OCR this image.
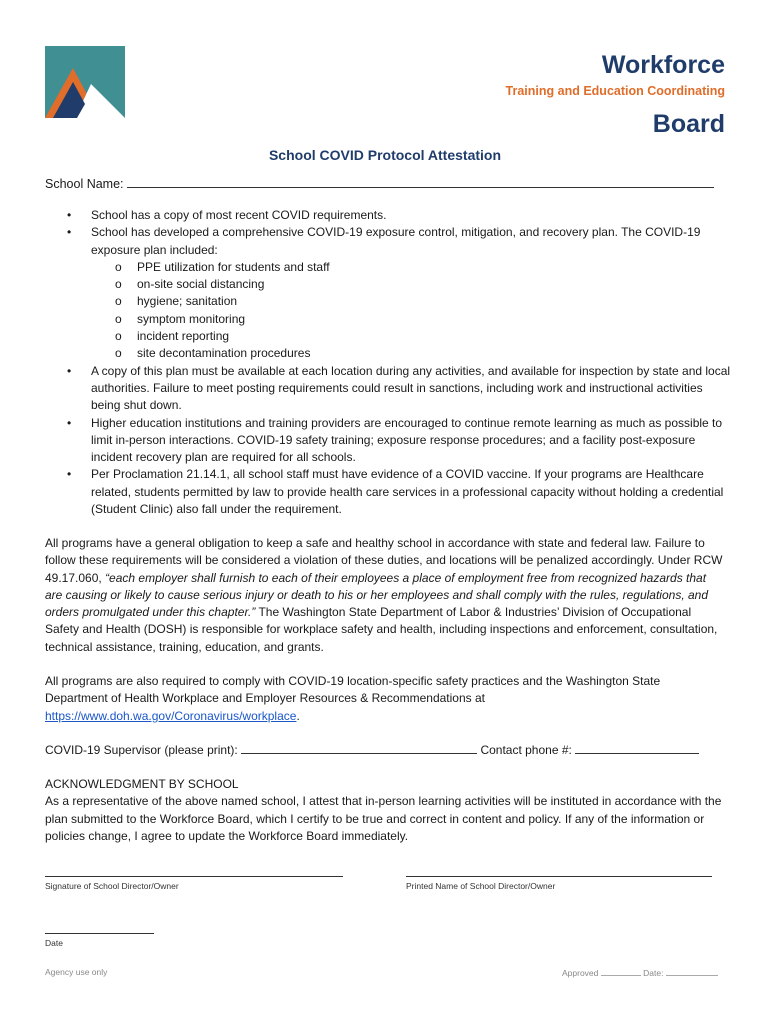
Workforce
Training and Education Coordinating
Board
School COVID Protocol Attestation
School Name:
• School has a copy of most recent COVID requirements.
• School has developed a comprehensive COVID-19 exposure control, mitigation, and recovery plan. The COVID-19 exposure plan included:
o PPE utilization for students and staff
o on-site social distancing
o hygiene; sanitation
o symptom monitoring
o incident reporting
o site decontamination procedures
• A copy of this plan must be available at each location during any activities, and available for inspection by state and local authorities. Failure to meet posting requirements could result in sanctions, including work and instructional activities being shut down.
• Higher education institutions and training providers are encouraged to continue remote learning as much as possible to limit in-person interactions. COVID-19 safety training; exposure response procedures; and a facility post-exposure incident recovery plan are required for all schools.
• Per Proclamation 21.14.1, all school staff must have evidence of a COVID vaccine. If your programs are Healthcare related, students permitted by law to provide health care services in a professional capacity without holding a credential (Student Clinic) also fall under the requirement.
All programs have a general obligation to keep a safe and healthy school in accordance with state and federal law. Failure to follow these requirements will be considered a violation of these duties, and locations will be penalized accordingly. Under RCW 49.17.060, “each employer shall furnish to each of their employees a place of employment free from recognized hazards that are causing or likely to cause serious injury or death to his or her employees and shall comply with the rules, regulations, and orders promulgated under this chapter.” The Washington State Department of Labor & Industries’ Division of Occupational Safety and Health (DOSH) is responsible for workplace safety and health, including inspections and enforcement, consultation, technical assistance, training, education, and grants.
All programs are also required to comply with COVID-19 location-specific safety practices and the Washington State Department of Health Workplace and Employer Resources & Recommendations at https://www.doh.wa.gov/Coronavirus/workplace.
COVID-19 Supervisor (please print):	Contact phone #:
ACKNOWLEDGMENT BY SCHOOL
As a representative of the above named school, I attest that in-person learning activities will be instituted in accordance with the plan submitted to the Workforce Board, which I certify to be true and correct in content and policy. If any of the information or policies change, I agree to update the Workforce Board immediately.
Signature of School Director/Owner	Printed Name of School Director/Owner
Date
Agency use only	Approved	Date:
